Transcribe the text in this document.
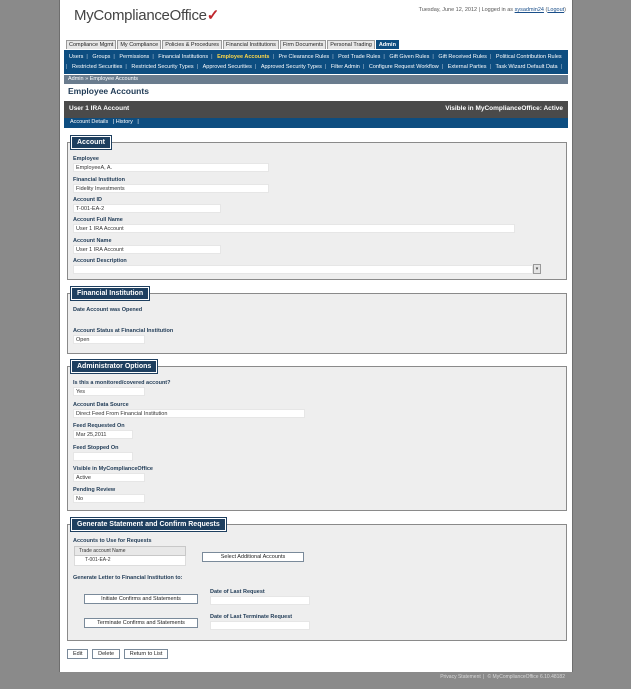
MyComplianceOffice✓	Tuesday, June 12, 2012 | Logged in as sysadmin24 (Logout)
Compliance Mgmt	My Compliance	Policies & Procedures	Financial Institutions	Firm Documents	Personal Trading	Admin
Users | Groups | Permissions | Financial Institutions | Employee Accounts | Pre Clearance Rules | Post Trade Rules | Gift Given Rules | Gift Received Rules | Political Contribution Rules| Restricted Securities | Restricted Security Types | Approved Securities | Approved Security Types | Filter Admin | Configure Request Workflow | External Parties | Task Wizard Default Data |
Admin » Employee Accounts
Employee Accounts
User 1 IRA Account	Visible in MyComplianceOffice: Active
Account Details | History |
Account
Employee
EmployeeA, A.
Financial Institution
Fidelity Investments
Account ID
T-001-EA-2
Account Full Name
User 1 IRA Account
Account Name
User 1 IRA Account
Account Description
▾
Financial Institution
Date Account was Opened
Account Status at Financial Institution
Open
Administrator Options
Is this a monitored/covered account?
Yes
Account Data Source
Direct Feed From Financial Institution
Feed Requested On
Mar 25,2011
Feed Stopped On
Visible in MyComplianceOffice
Active
Pending Review
No
Generate Statement and Confirm Requests
Accounts to Use for Requests
Trade account Name
T-001-EA-2	Select Additional Accounts
Generate Letter to Financial Institution to:
Initiate Confirms and Statements
Terminate Confirms and Statements
Date of Last Request
Date of Last Terminate Request
Edit	Delete	Return to List
Privacy Statement | © MyComplianceOffice 6.10.48182
